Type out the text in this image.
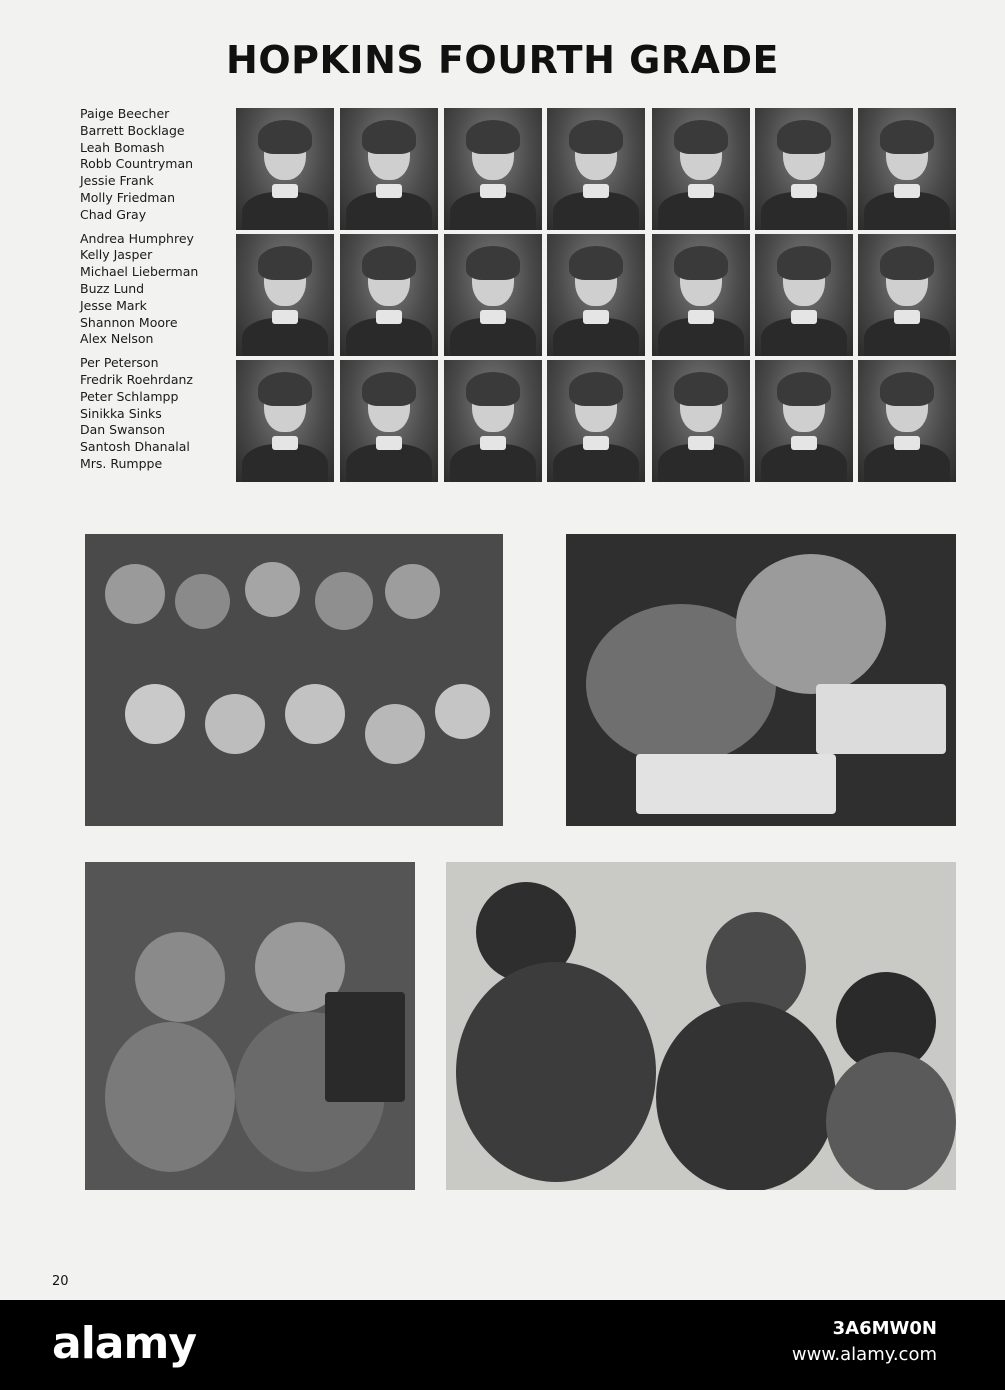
HOPKINS FOURTH GRADE
Paige Beecher
Barrett Bocklage
Leah Bomash
Robb Countryman
Jessie Frank
Molly Friedman
Chad Gray
Andrea Humphrey
Kelly Jasper
Michael Lieberman
Buzz Lund
Jesse Mark
Shannon Moore
Alex Nelson
Per Peterson
Fredrik Roehrdanz
Peter Schlampp
Sinikka Sinks
Dan Swanson
Santosh Dhanalal
Mrs. Rumppe
20
alamy	3A6MW0N
www.alamy.com
